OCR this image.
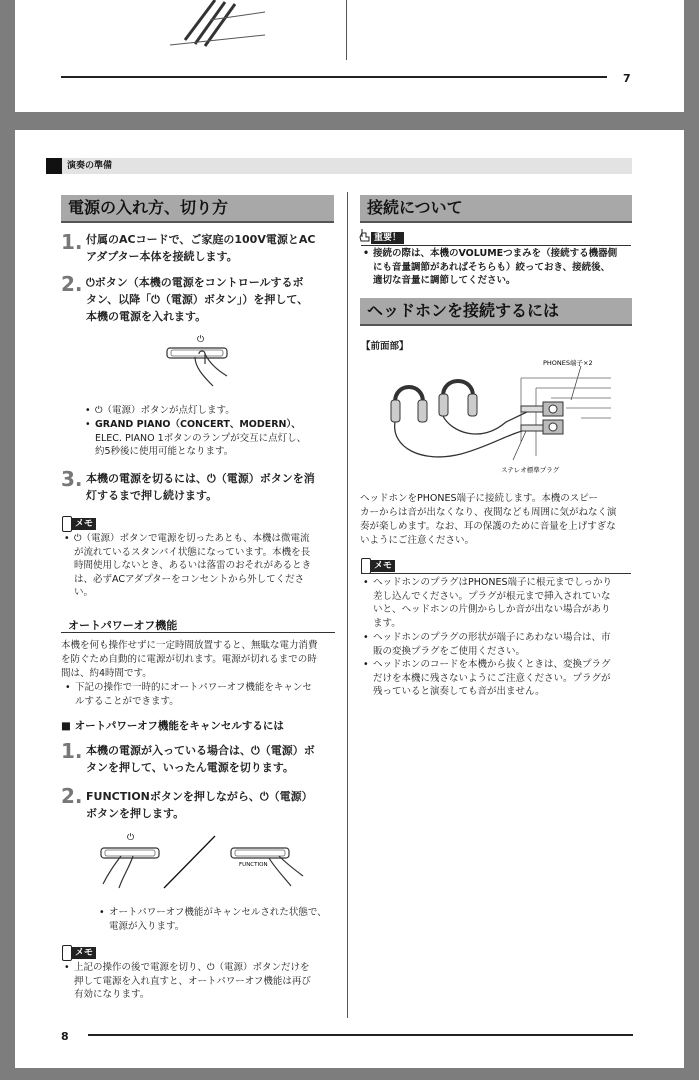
7
演奏の準備
電源の入れ方、切り方
1. 付属のACコードで、ご家庭の100V電源とAC
アダプター本体を接続します。
2. ⏻ボタン（本機の電源をコントロールするボ
タン、以降「⏻（電源）ボタン」）を押して、
本機の電源を入れます。
⏻
• ⏻（電源）ボタンが点灯します。
• GRAND PIANO（CONCERT、MODERN）、
ELEC. PIANO 1ボタンのランプが交互に点灯し、
約5秒後に使用可能となります。
3. 本機の電源を切るには、⏻（電源）ボタンを消
灯するまで押し続けます。
メモ
• ⏻（電源）ボタンで電源を切ったあとも、本機は微電流
が流れているスタンバイ状態になっています。本機を長
時間使用しないとき、あるいは落雷のおそれがあるとき
は、必ずACアダプターをコンセントから外してくださ
い。
オートパワーオフ機能
本機を何も操作せずに一定時間放置すると、無駄な電力消費
を防ぐため自動的に電源が切れます。電源が切れるまでの時
間は、約4時間です。
• 下記の操作で一時的にオートパワーオフ機能をキャンセ
ルすることができます。
■ オートパワーオフ機能をキャンセルするには
1. 本機の電源が入っている場合は、⏻（電源）ボ
タンを押して、いったん電源を切ります。
2. FUNCTIONボタンを押しながら、⏻（電源）
ボタンを押します。
⏻
FUNCTION
• オートパワーオフ機能がキャンセルされた状態で、
電源が入ります。
メモ
• 上記の操作の後で電源を切り、⏻（電源）ボタンだけを
押して電源を入れ直すと、オートパワーオフ機能は再び
有効になります。
接続について
重要！
• 接続の際は、本機のVOLUMEつまみを（接続する機器側
にも音量調節があればそちらも）絞っておき、接続後、
適切な音量に調節してください。
ヘッドホンを接続するには
【前面部】
PHONES端子×2
ステレオ標準プラグ
ヘッドホンをPHONES端子に接続します。本機のスピー
カーからは音が出なくなり、夜間なども周囲に気がねなく演
奏が楽しめます。なお、耳の保護のために音量を上げすぎな
いようにご注意ください。
メモ
• ヘッドホンのプラグはPHONES端子に根元までしっかり
差し込んでください。プラグが根元まで挿入されていな
いと、ヘッドホンの片側からしか音が出ない場合があり
ます。
• ヘッドホンのプラグの形状が端子にあわない場合は、市
販の変換プラグをご使用ください。
• ヘッドホンのコードを本機から抜くときは、変換プラグ
だけを本機に残さないようにご注意ください。プラグが
残っていると演奏しても音が出ません。
8
